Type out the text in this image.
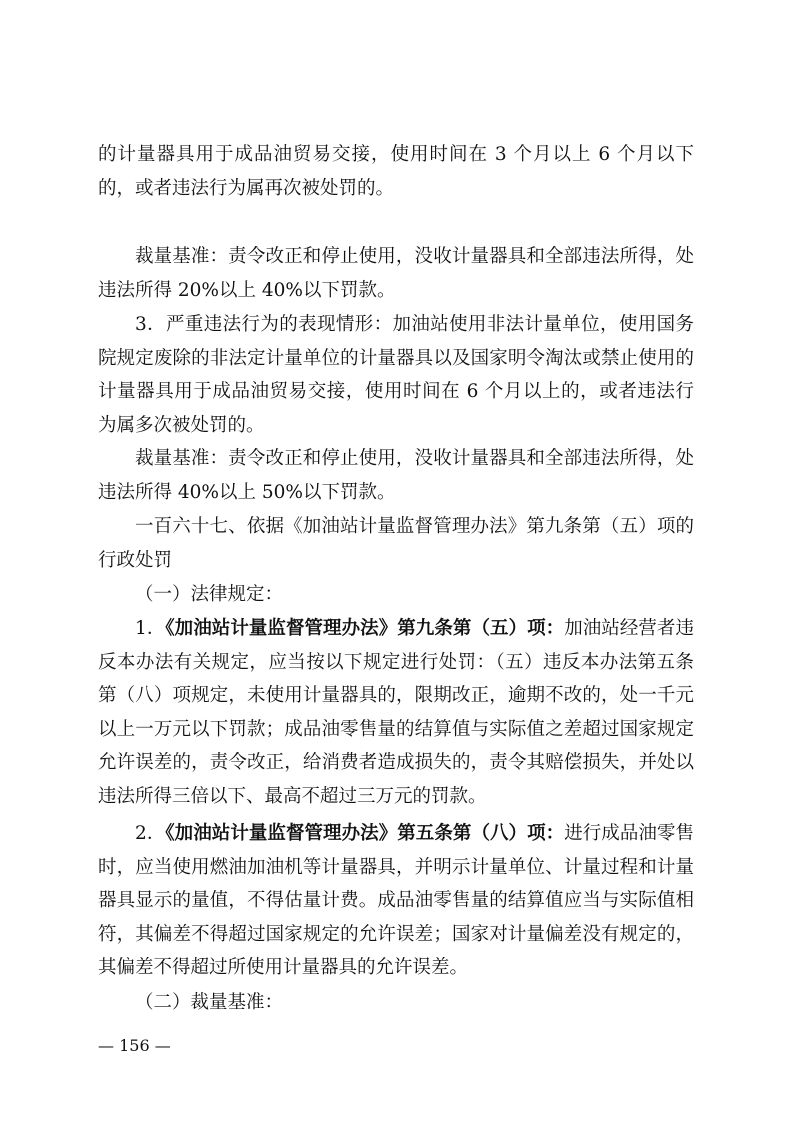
的计量器具用于成品油贸易交接，使用时间在 3 个月以上 6 个月以下的，或者违法行为属再次被处罚的。

裁量基准：责令改正和停止使用，没收计量器具和全部违法所得，处违法所得 20%以上 40%以下罚款。

3．严重违法行为的表现情形：加油站使用非法计量单位，使用国务院规定废除的非法定计量单位的计量器具以及国家明令淘汰或禁止使用的计量器具用于成品油贸易交接，使用时间在 6 个月以上的，或者违法行为属多次被处罚的。

裁量基准：责令改正和停止使用，没收计量器具和全部违法所得，处违法所得 40%以上 50%以下罚款。

一百六十七、依据《加油站计量监督管理办法》第九条第（五）项的行政处罚

（一）法律规定：

1．《加油站计量监督管理办法》第九条第（五）项：加油站经营者违反本办法有关规定，应当按以下规定进行处罚：（五）违反本办法第五条第（八）项规定，未使用计量器具的，限期改正，逾期不改的，处一千元以上一万元以下罚款；成品油零售量的结算值与实际值之差超过国家规定允许误差的，责令改正，给消费者造成损失的，责令其赔偿损失，并处以违法所得三倍以下、最高不超过三万元的罚款。

2．《加油站计量监督管理办法》第五条第（八）项：进行成品油零售时，应当使用燃油加油机等计量器具，并明示计量单位、计量过程和计量器具显示的量值，不得估量计费。成品油零售量的结算值应当与实际值相符，其偏差不得超过国家规定的允许误差；国家对计量偏差没有规定的，其偏差不得超过所使用计量器具的允许误差。

（二）裁量基准：

— 156 —
